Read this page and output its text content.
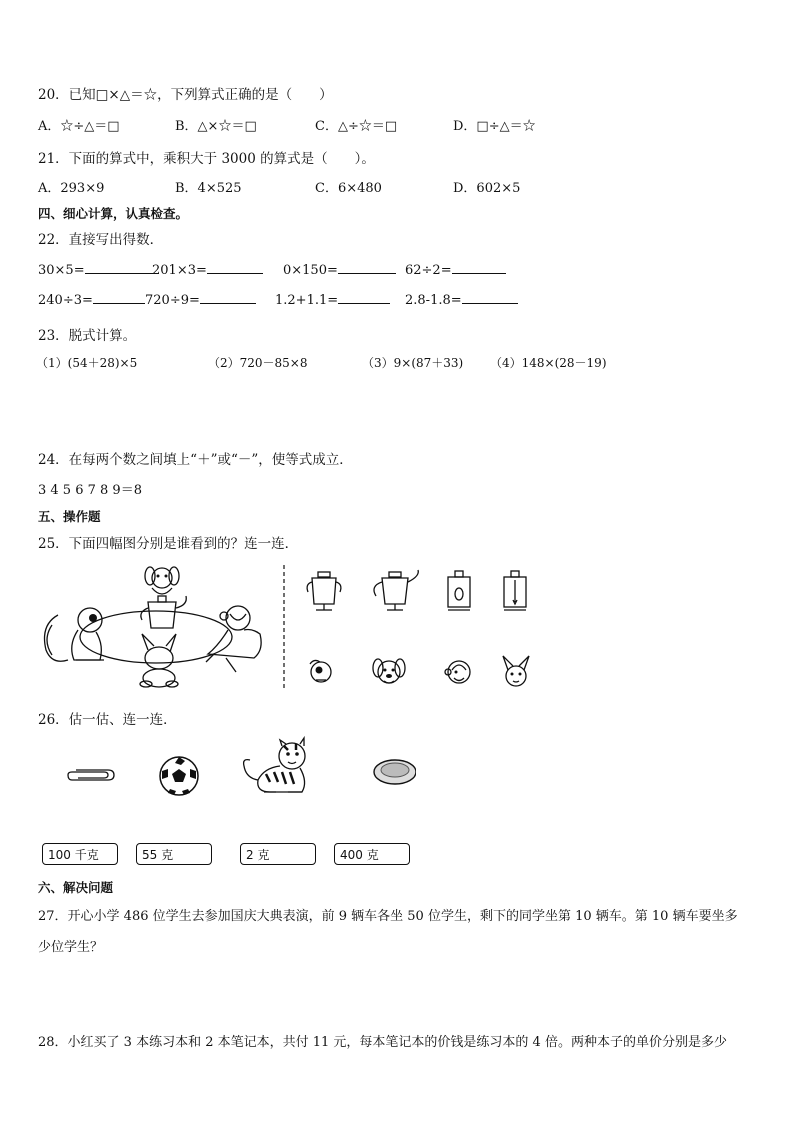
20．已知□×△＝☆，下列算式正确的是（　　）
A．☆÷△＝□	B．△×☆＝□	C．△÷☆＝□	D．□÷△＝☆
21．下面的算式中，乘积大于 3000 的算式是（　　）。
A．293×9	B．4×525	C．6×480	D．602×5
四、细心计算，认真检查。
22．直接写出得数．
30×5=	201×3=	0×150=	62÷2=
240÷3=	720÷9=	1.2+1.1=	2.8-1.8=
23．脱式计算。
（1）(54＋28)×5	（2）720－85×8	（3）9×(87＋33) （4）148×(28－19)
24．在每两个数之间填上“＋”或“－”，使等式成立．
3 4 5 6 7 8 9＝8
五、操作题
25．下面四幅图分别是谁看到的？连一连．
26．估一估、连一连．
100 千克	55 克	2 克	400 克
六、解决问题
27．开心小学 486 位学生去参加国庆大典表演，前 9 辆车各坐 50 位学生，剩下的同学坐第 10 辆车。第 10 辆车要坐多
少位学生？
28．小红买了 3 本练习本和 2 本笔记本，共付 11 元，每本笔记本的价钱是练习本的 4 倍。两种本子的单价分别是多少
